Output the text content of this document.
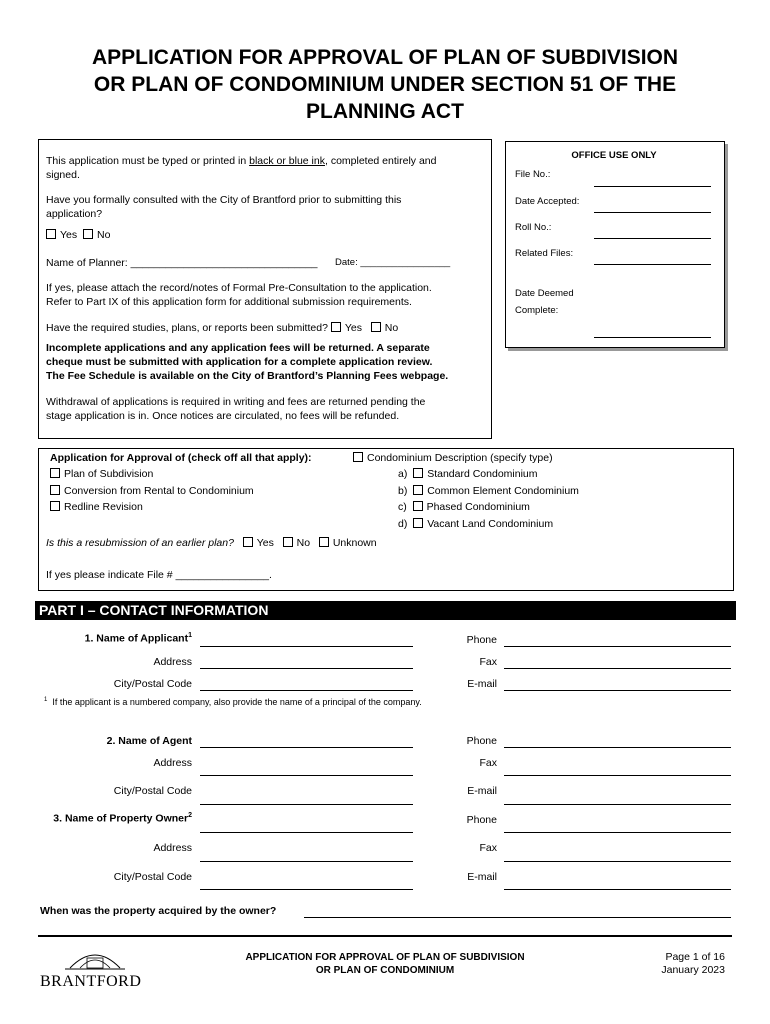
APPLICATION FOR APPROVAL OF PLAN OF SUBDIVISION
OR PLAN OF CONDOMINIUM UNDER SECTION 51 OF THE
PLANNING ACT
This application must be typed or printed in black or blue ink, completed entirely and
signed.
Have you formally consulted with the City of Brantford prior to submitting this
application?
Yes No
Name of Planner: ________________________________ Date: _________________
If yes, please attach the record/notes of Formal Pre-Consultation to the application.
Refer to Part IX of this application form for additional submission requirements.
Have the required studies, plans, or reports been submitted? Yes No
Incomplete applications and any application fees will be returned. A separate
cheque must be submitted with application for a complete application review.
The Fee Schedule is available on the City of Brantford’s Planning Fees webpage.
Withdrawal of applications is required in writing and fees are returned pending the
stage application is in. Once notices are circulated, no fees will be refunded.
OFFICE USE ONLY
File No.:
Date Accepted:
Roll No.:
Related Files:
Date Deemed
Complete:
Application for Approval of (check off all that apply):
Plan of Subdivision
Conversion from Rental to Condominium
Redline Revision
Condominium Description (specify type)
a) Standard Condominium
b) Common Element Condominium
c) Phased Condominium
d) Vacant Land Condominium
Is this a resubmission of an earlier plan? Yes No Unknown
If yes please indicate File # ________________.
PART I – CONTACT INFORMATION
1. Name of Applicant$^1$	Phone
Address	Fax
City/Postal Code	E-mail
$^1$ If the applicant is a numbered company, also provide the name of a principal of the company.
2. Name of Agent	Phone
Address	Fax
City/Postal Code	E-mail
3. Name of Property Owner$^2$	Phone
Address	Fax
City/Postal Code	E-mail
When was the property acquired by the owner?
BRANTFORD
APPLICATION FOR APPROVAL OF PLAN OF SUBDIVISION
OR PLAN OF CONDOMINIUM
Page 1 of 16
January 2023
